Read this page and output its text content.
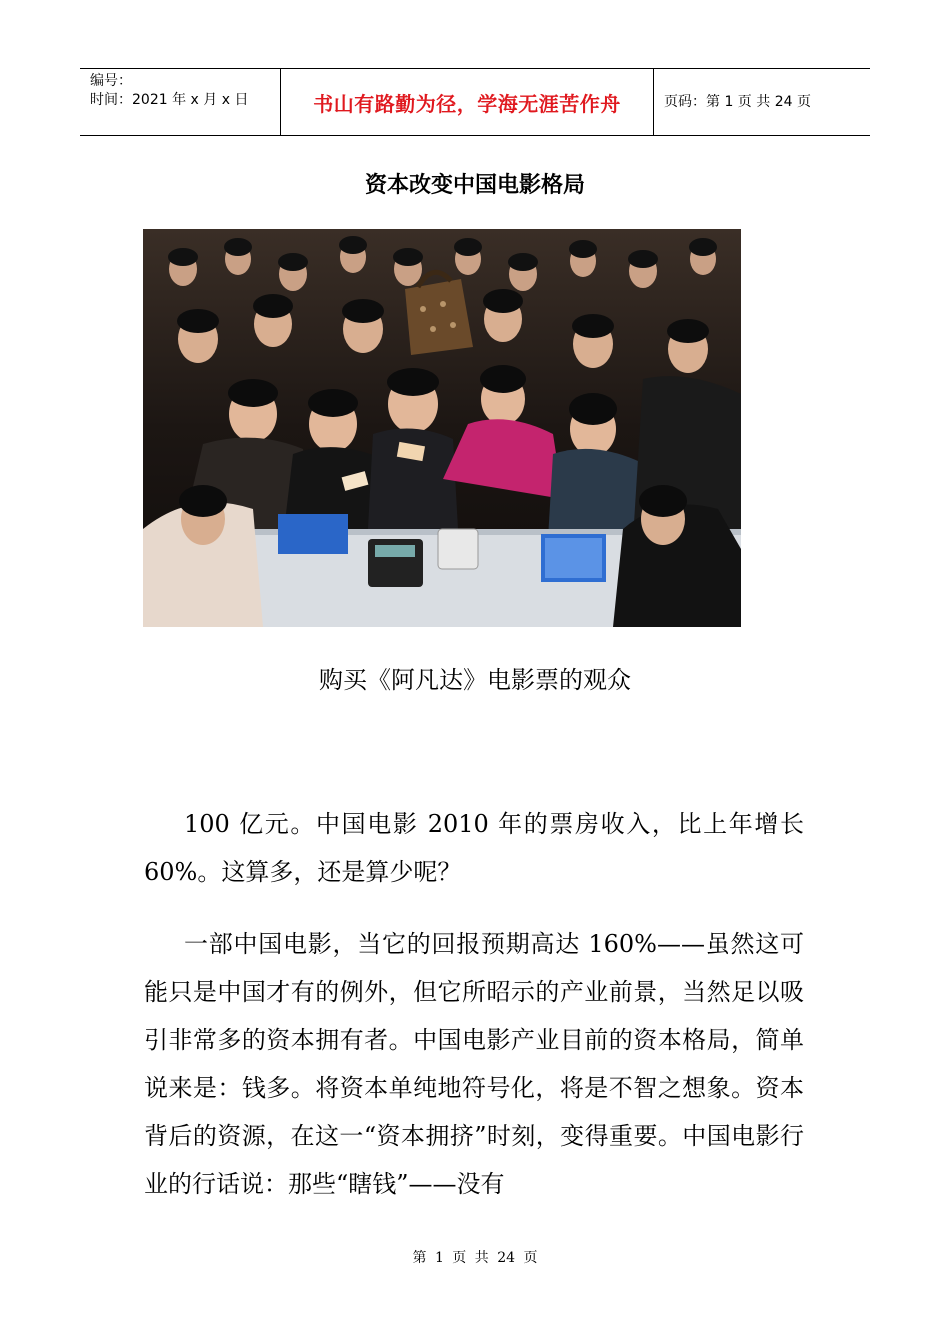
编号：
时间：2021 年 x 月 x 日	书山有路勤为径，学海无涯苦作舟	页码：第 1 页 共 24 页
资本改变中国电影格局
购买《阿凡达》电影票的观众

100 亿元。中国电影 2010 年的票房收入，比上年增长 60%。这算多，还是算少呢？

一部中国电影，当它的回报预期高达 160%——虽然这可能只是中国才有的例外，但它所昭示的产业前景，当然足以吸引非常多的资本拥有者。中国电影产业目前的资本格局，简单说来是：钱多。将资本单纯地符号化，将是不智之想象。资本背后的资源，在这一“资本拥挤”时刻，变得重要。中国电影行业的行话说：那些“瞎钱”——没有

第 1 页 共 24 页
